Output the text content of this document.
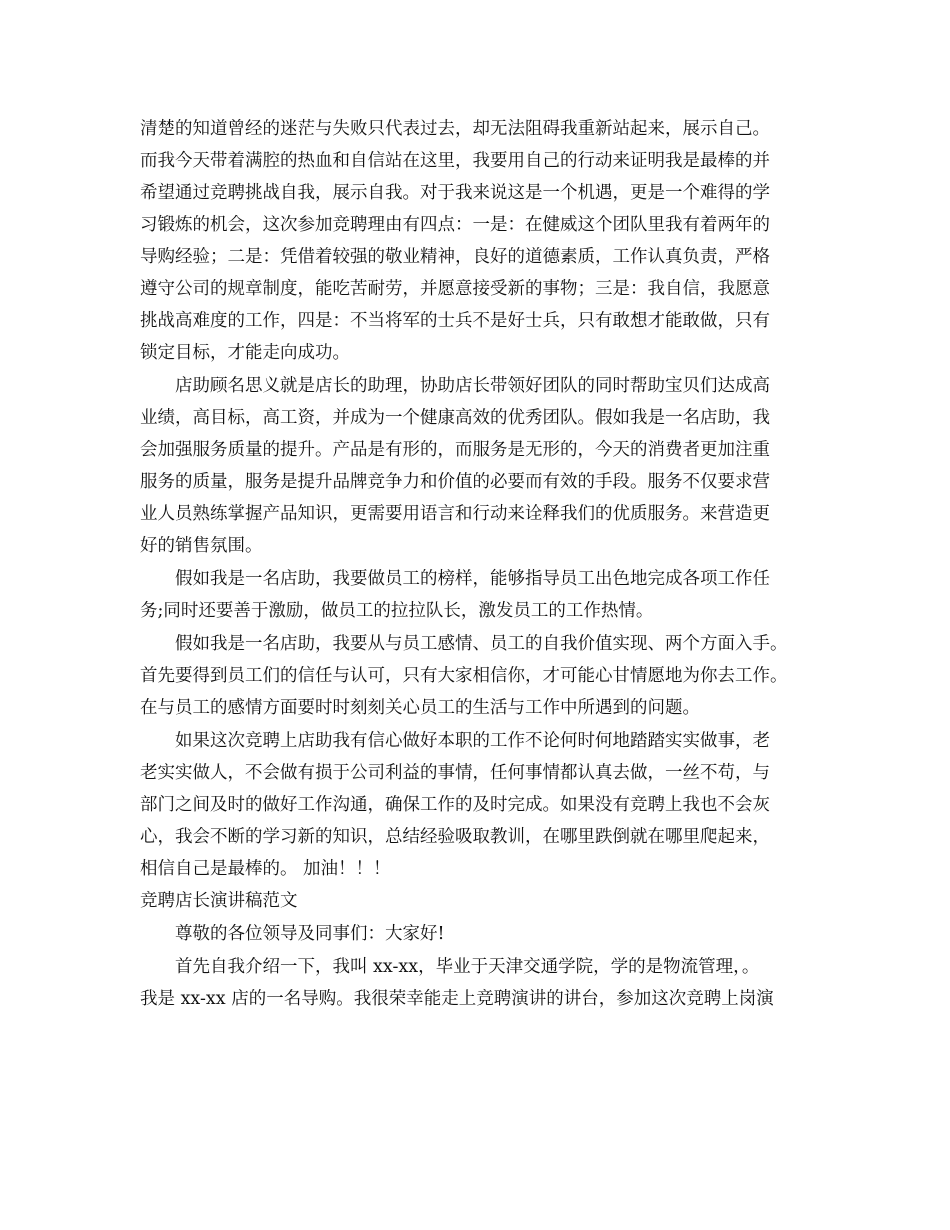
清楚的知道曾经的迷茫与失败只代表过去，却无法阻碍我重新站起来，展示自己。
而我今天带着满腔的热血和自信站在这里，我要用自己的行动来证明我是最棒的并
希望通过竞聘挑战自我，展示自我。对于我来说这是一个机遇，更是一个难得的学
习锻炼的机会，这次参加竞聘理由有四点：一是：在健威这个团队里我有着两年的
导购经验；二是：凭借着较强的敬业精神，良好的道德素质，工作认真负责，严格
遵守公司的规章制度，能吃苦耐劳，并愿意接受新的事物；三是：我自信，我愿意
挑战高难度的工作，四是：不当将军的士兵不是好士兵，只有敢想才能敢做，只有
锁定目标，才能走向成功。
店助顾名思义就是店长的助理，协助店长带领好团队的同时帮助宝贝们达成高
业绩，高目标，高工资，并成为一个健康高效的优秀团队。假如我是一名店助，我
会加强服务质量的提升。产品是有形的，而服务是无形的，今天的消费者更加注重
服务的质量，服务是提升品牌竞争力和价值的必要而有效的手段。服务不仅要求营
业人员熟练掌握产品知识，更需要用语言和行动来诠释我们的优质服务。来营造更
好的销售氛围。
假如我是一名店助，我要做员工的榜样，能够指导员工出色地完成各项工作任
务;同时还要善于激励，做员工的拉拉队长，激发员工的工作热情。
假如我是一名店助，我要从与员工感情、员工的自我价值实现、两个方面入手。
首先要得到员工们的信任与认可，只有大家相信你，才可能心甘情愿地为你去工作。
在与员工的感情方面要时时刻刻关心员工的生活与工作中所遇到的问题。
如果这次竞聘上店助我有信心做好本职的工作不论何时何地踏踏实实做事，老
老实实做人，不会做有损于公司利益的事情，任何事情都认真去做，一丝不苟，与
部门之间及时的做好工作沟通，确保工作的及时完成。如果没有竞聘上我也不会灰
心，我会不断的学习新的知识，总结经验吸取教训，在哪里跌倒就在哪里爬起来，
相信自己是最棒的。 加油！！！
竞聘店长演讲稿范文
尊敬的各位领导及同事们：大家好!
首先自我介绍一下，我叫 xx-xx，毕业于天津交通学院，学的是物流管理，。
我是 xx-xx 店的一名导购。我很荣幸能走上竞聘演讲的讲台，参加这次竞聘上岗演
